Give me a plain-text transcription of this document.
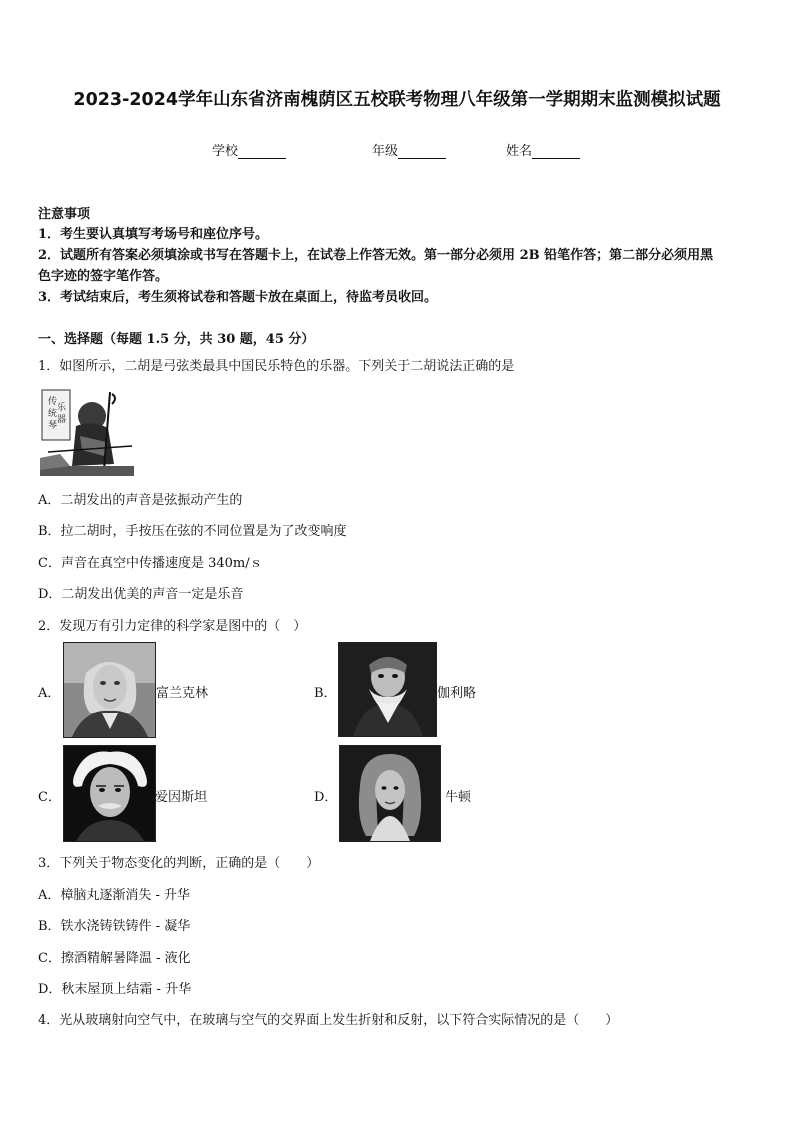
2023-2024学年山东省济南槐荫区五校联考物理八年级第一学期期末监测模拟试题
学校	年级	姓名
注意事项
1．考生要认真填写考场号和座位序号。
2．试题所有答案必须填涂或书写在答题卡上，在试卷上作答无效。第一部分必须用 2B 铅笔作答；第二部分必须用黑
色字迹的签字笔作答。
3．考试结束后，考生须将试卷和答题卡放在桌面上，待监考员收回。
一、选择题（每题 1.5 分，共 30 题，45 分）
1．如图所示，二胡是弓弦类最具中国民乐特色的乐器。下列关于二胡说法正确的是
传
统
琴
乐
器
A．二胡发出的声音是弦振动产生的
B．拉二胡时，手按压在弦的不同位置是为了改变响度
C．声音在真空中传播速度是 340m/ｓ
D．二胡发出优美的声音一定是乐音
2．发现万有引力定律的科学家是图中的（　）
A．	富兰克林	B．	伽利略
C．	爱因斯坦	D．	牛顿
3．下列关于物态变化的判断，正确的是（　　）
A．樟脑丸逐渐消失 - 升华
B．铁水浇铸铁铸件 - 凝华
C．擦酒精解暑降温 - 液化
D．秋末屋顶上结霜 - 升华
4．光从玻璃射向空气中，在玻璃与空气的交界面上发生折射和反射，以下符合实际情况的是（　　）
